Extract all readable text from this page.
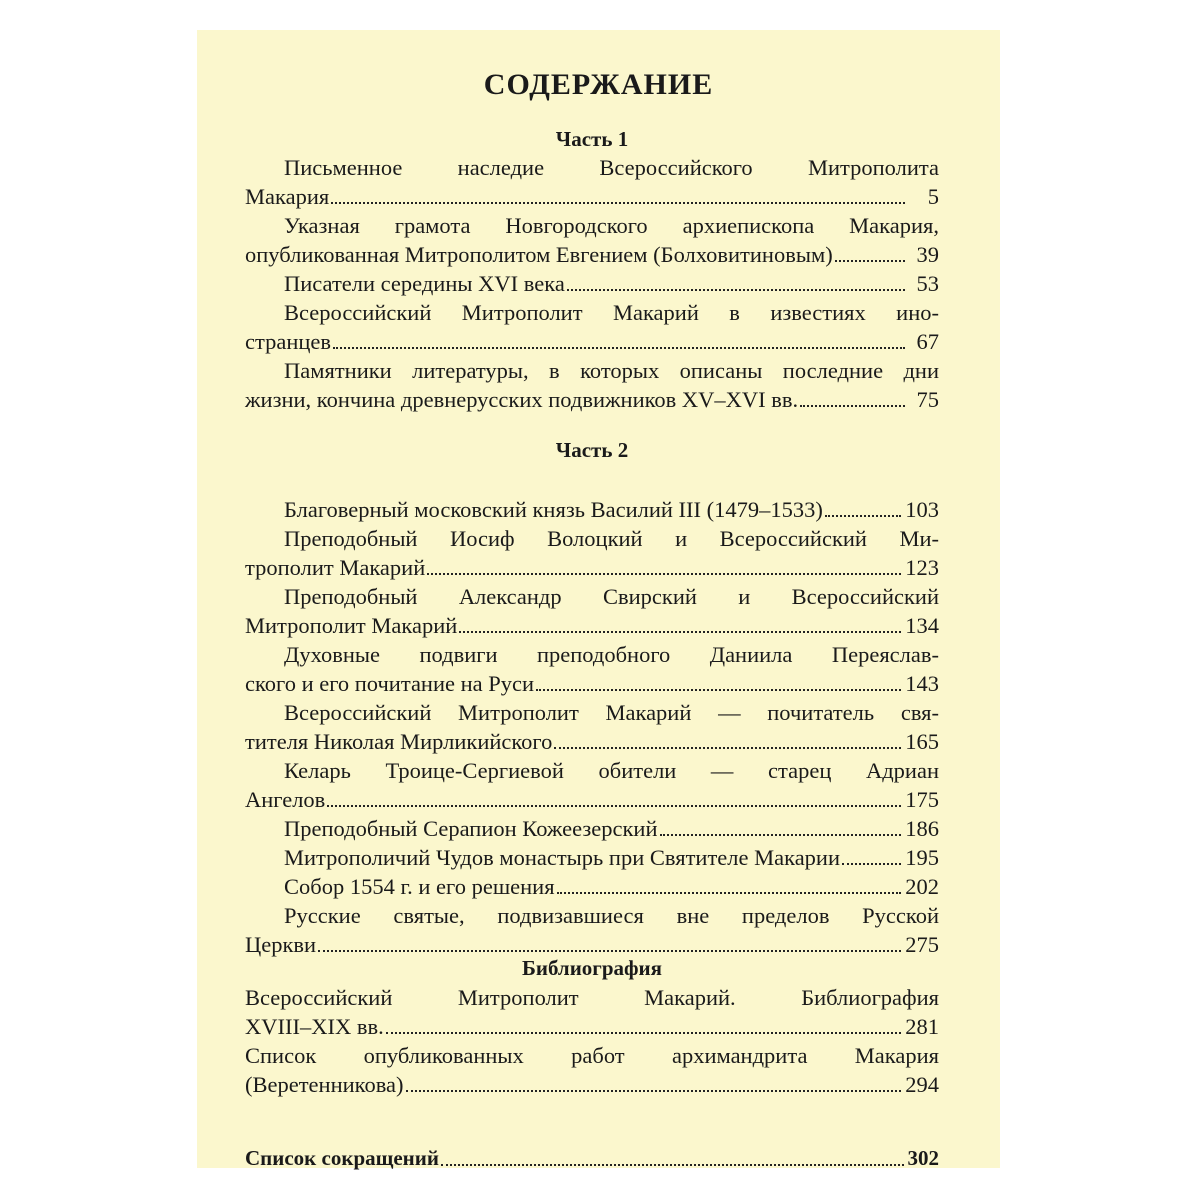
СОДЕРЖАНИЕ
Часть 1
Часть 2
Библиография
Список сокращений	302
Письменное наследие Всероссийского Митрополита
Макария	5
Указная грамота Новгородского архиепископа Макария,
опубликованная Митрополитом Евгением (Болховитиновым)	39
Писатели середины XVI века	53
Всероссийский Митрополит Макарий в известиях ино-
странцев	67
Памятники литературы, в которых описаны последние дни
жизни, кончина древнерусских подвижников XV–XVI вв.	75
Благоверный московский князь Василий III (1479–1533)	103
Преподобный Иосиф Волоцкий и Всероссийский Ми-
трополит Макарий	123
Преподобный Александр Свирский и Всероссийский
Митрополит Макарий	134
Духовные подвиги преподобного Даниила Переяслав-
ского и его почитание на Руси	143
Всероссийский Митрополит Макарий — почитатель свя-
тителя Николая Мирликийского	165
Келарь Троице-Сергиевой обители — старец Адриан
Ангелов	175
Преподобный Серапион Кожеезерский	186
Митрополичий Чудов монастырь при Святителе Макарии	195
Собор 1554 г. и его решения	202
Русские святые, подвизавшиеся вне пределов Русской
Церкви	275
Всероссийский Митрополит Макарий. Библиография
XVIII–XIX вв.	281
Список опубликованных работ архимандрита Макария
(Веретенникова)	294
